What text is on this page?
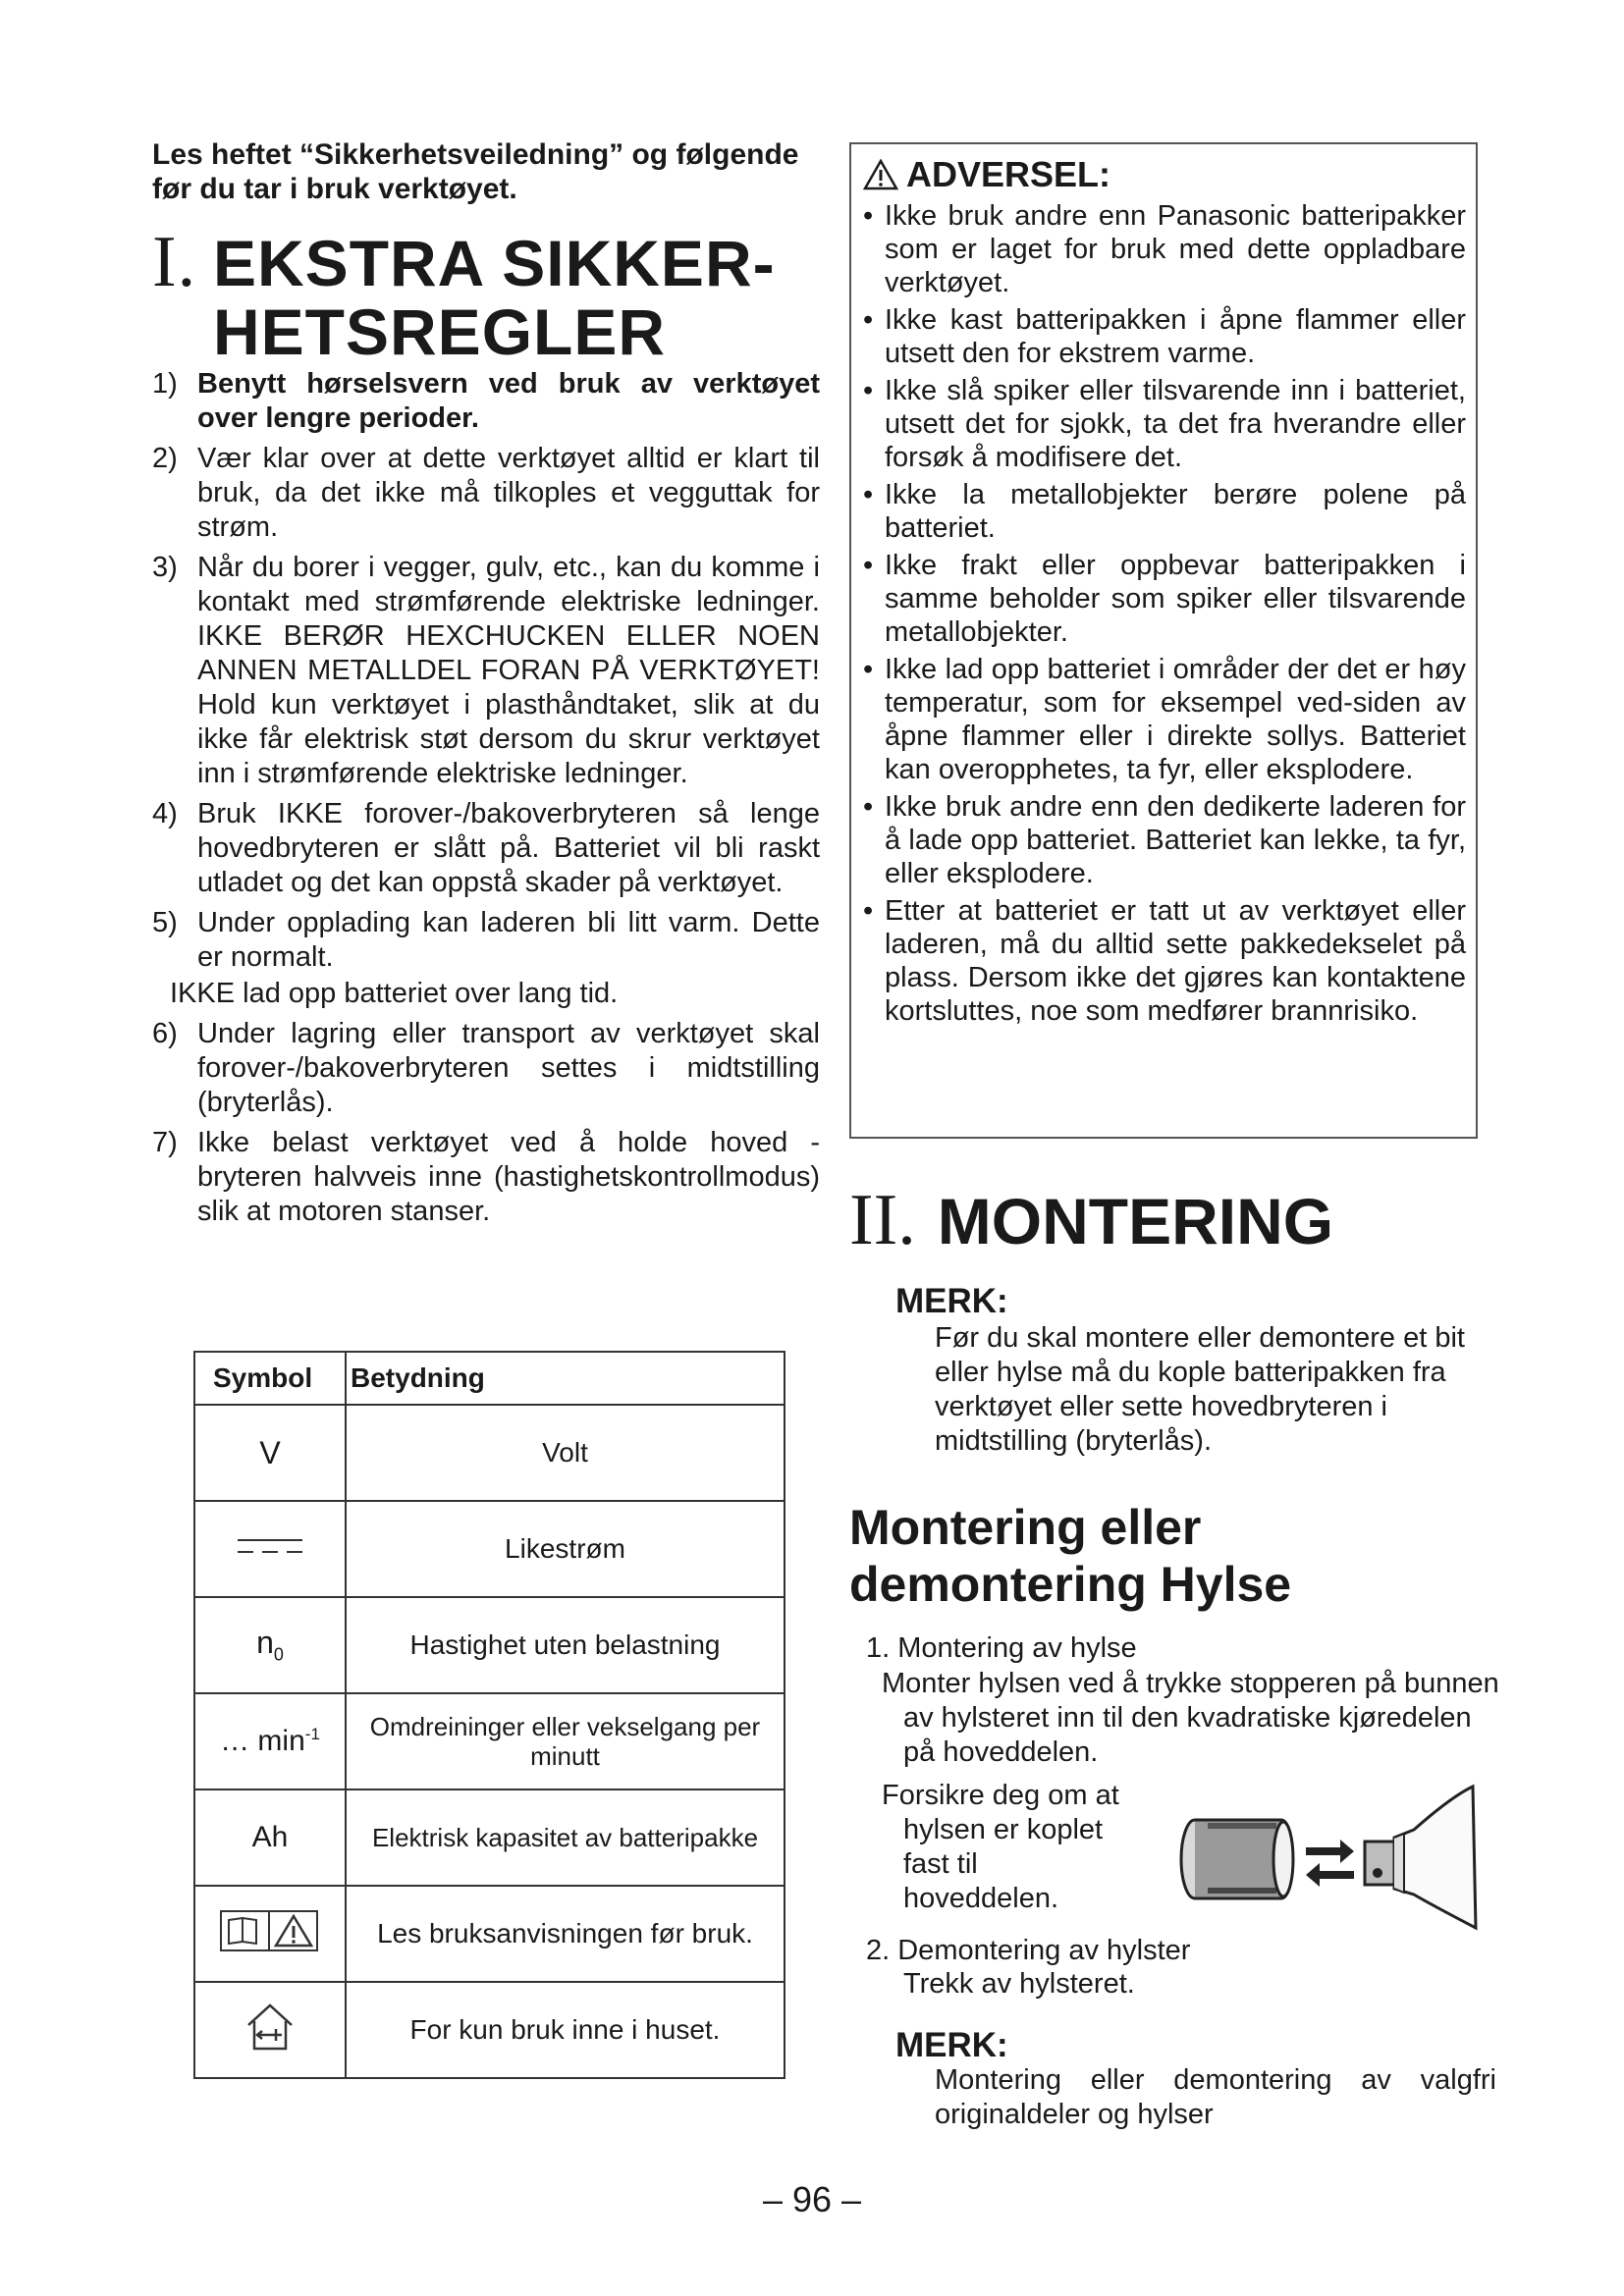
Les heftet “Sikkerhetsveiledning” og følgende før du tar i bruk verktøyet.
I. EKSTRA SIKKER-
HETSREGLER
1) Benytt hørselsvern ved bruk av verktøyet over lengre perioder.
2) Vær klar over at dette verktøyet alltid er klart til bruk, da det ikke må tilkoples et vegguttak for strøm.
3) Når du borer i vegger, gulv, etc., kan du komme i kontakt med strømførende elektriske ledninger. IKKE BERØR HEXCHUCKEN ELLER NOEN ANNEN METALLDEL FORAN PÅ VERKTØYET! Hold kun verktøyet i plasthåndtaket, slik at du ikke får elektrisk støt dersom du skrur verktøyet inn i strømførende elektriske ledninger.
4) Bruk IKKE forover-/bakoverbryteren så lenge hovedbryteren er slått på. Batteriet vil bli raskt utladet og det kan oppstå skader på verktøyet.
5) Under opplading kan laderen bli litt varm. Dette er normalt.
IKKE lad opp batteriet over lang tid.
6) Under lagring eller transport av verktøyet skal forover-/bakoverbryteren settes i midtstilling (bryterlås).
7) Ikke belast verktøyet ved å holde hoved - bryteren halvveis inne (hastighetskontrollmodus) slik at motoren stanser.
Symbol	Betydning
V	Volt
	Likestrøm
$n_0$	Hastighet uten belastning
… $\min^{-1}$	Omdreininger eller vekselgang per minutt
Ah	Elektrisk kapasitet av batteripakke
	Les bruksanvisningen før bruk.
	For kun bruk inne i huset.
ADVERSEL:
• Ikke bruk andre enn Panasonic batteripakker som er laget for bruk med dette oppladbare verktøyet.
• Ikke kast batteripakken i åpne flammer eller utsett den for ekstrem varme.
• Ikke slå spiker eller tilsvarende inn i batteriet, utsett det for sjokk, ta det fra hverandre eller forsøk å modifisere det.
• Ikke la metallobjekter berøre polene på batteriet.
• Ikke frakt eller oppbevar batteripakken i samme beholder som spiker eller tilsvarende metallobjekter.
• Ikke lad opp batteriet i områder der det er høy temperatur, som for eksempel ved-siden av åpne flammer eller i direkte sollys. Batteriet kan overopphetes, ta fyr, eller eksplodere.
• Ikke bruk andre enn den dedikerte laderen for å lade opp batteriet. Batteriet kan lekke, ta fyr, eller eksplodere.
• Etter at batteriet er tatt ut av verktøyet eller laderen, må du alltid sette pakkedekselet på plass. Dersom ikke det gjøres kan kontaktene kortsluttes, noe som medfører brannrisiko.
II. MONTERING
MERK:
Før du skal montere eller demontere et bit eller hylse må du kople batteripakken fra verktøyet eller sette hovedbryteren i midtstilling (bryterlås).
Montering eller demontering Hylse
1. Montering av hylse
Monter hylsen ved å trykke stopperen på bunnen av hylsteret inn til den kvadratiske kjøredelen på hoveddelen.
Forsikre deg om at hylsen er koplet fast til hoveddelen.
2. Demontering av hylster
Trekk av hylsteret.
MERK:
Montering eller demontering av valgfri originaldeler og hylser
– 96 –
